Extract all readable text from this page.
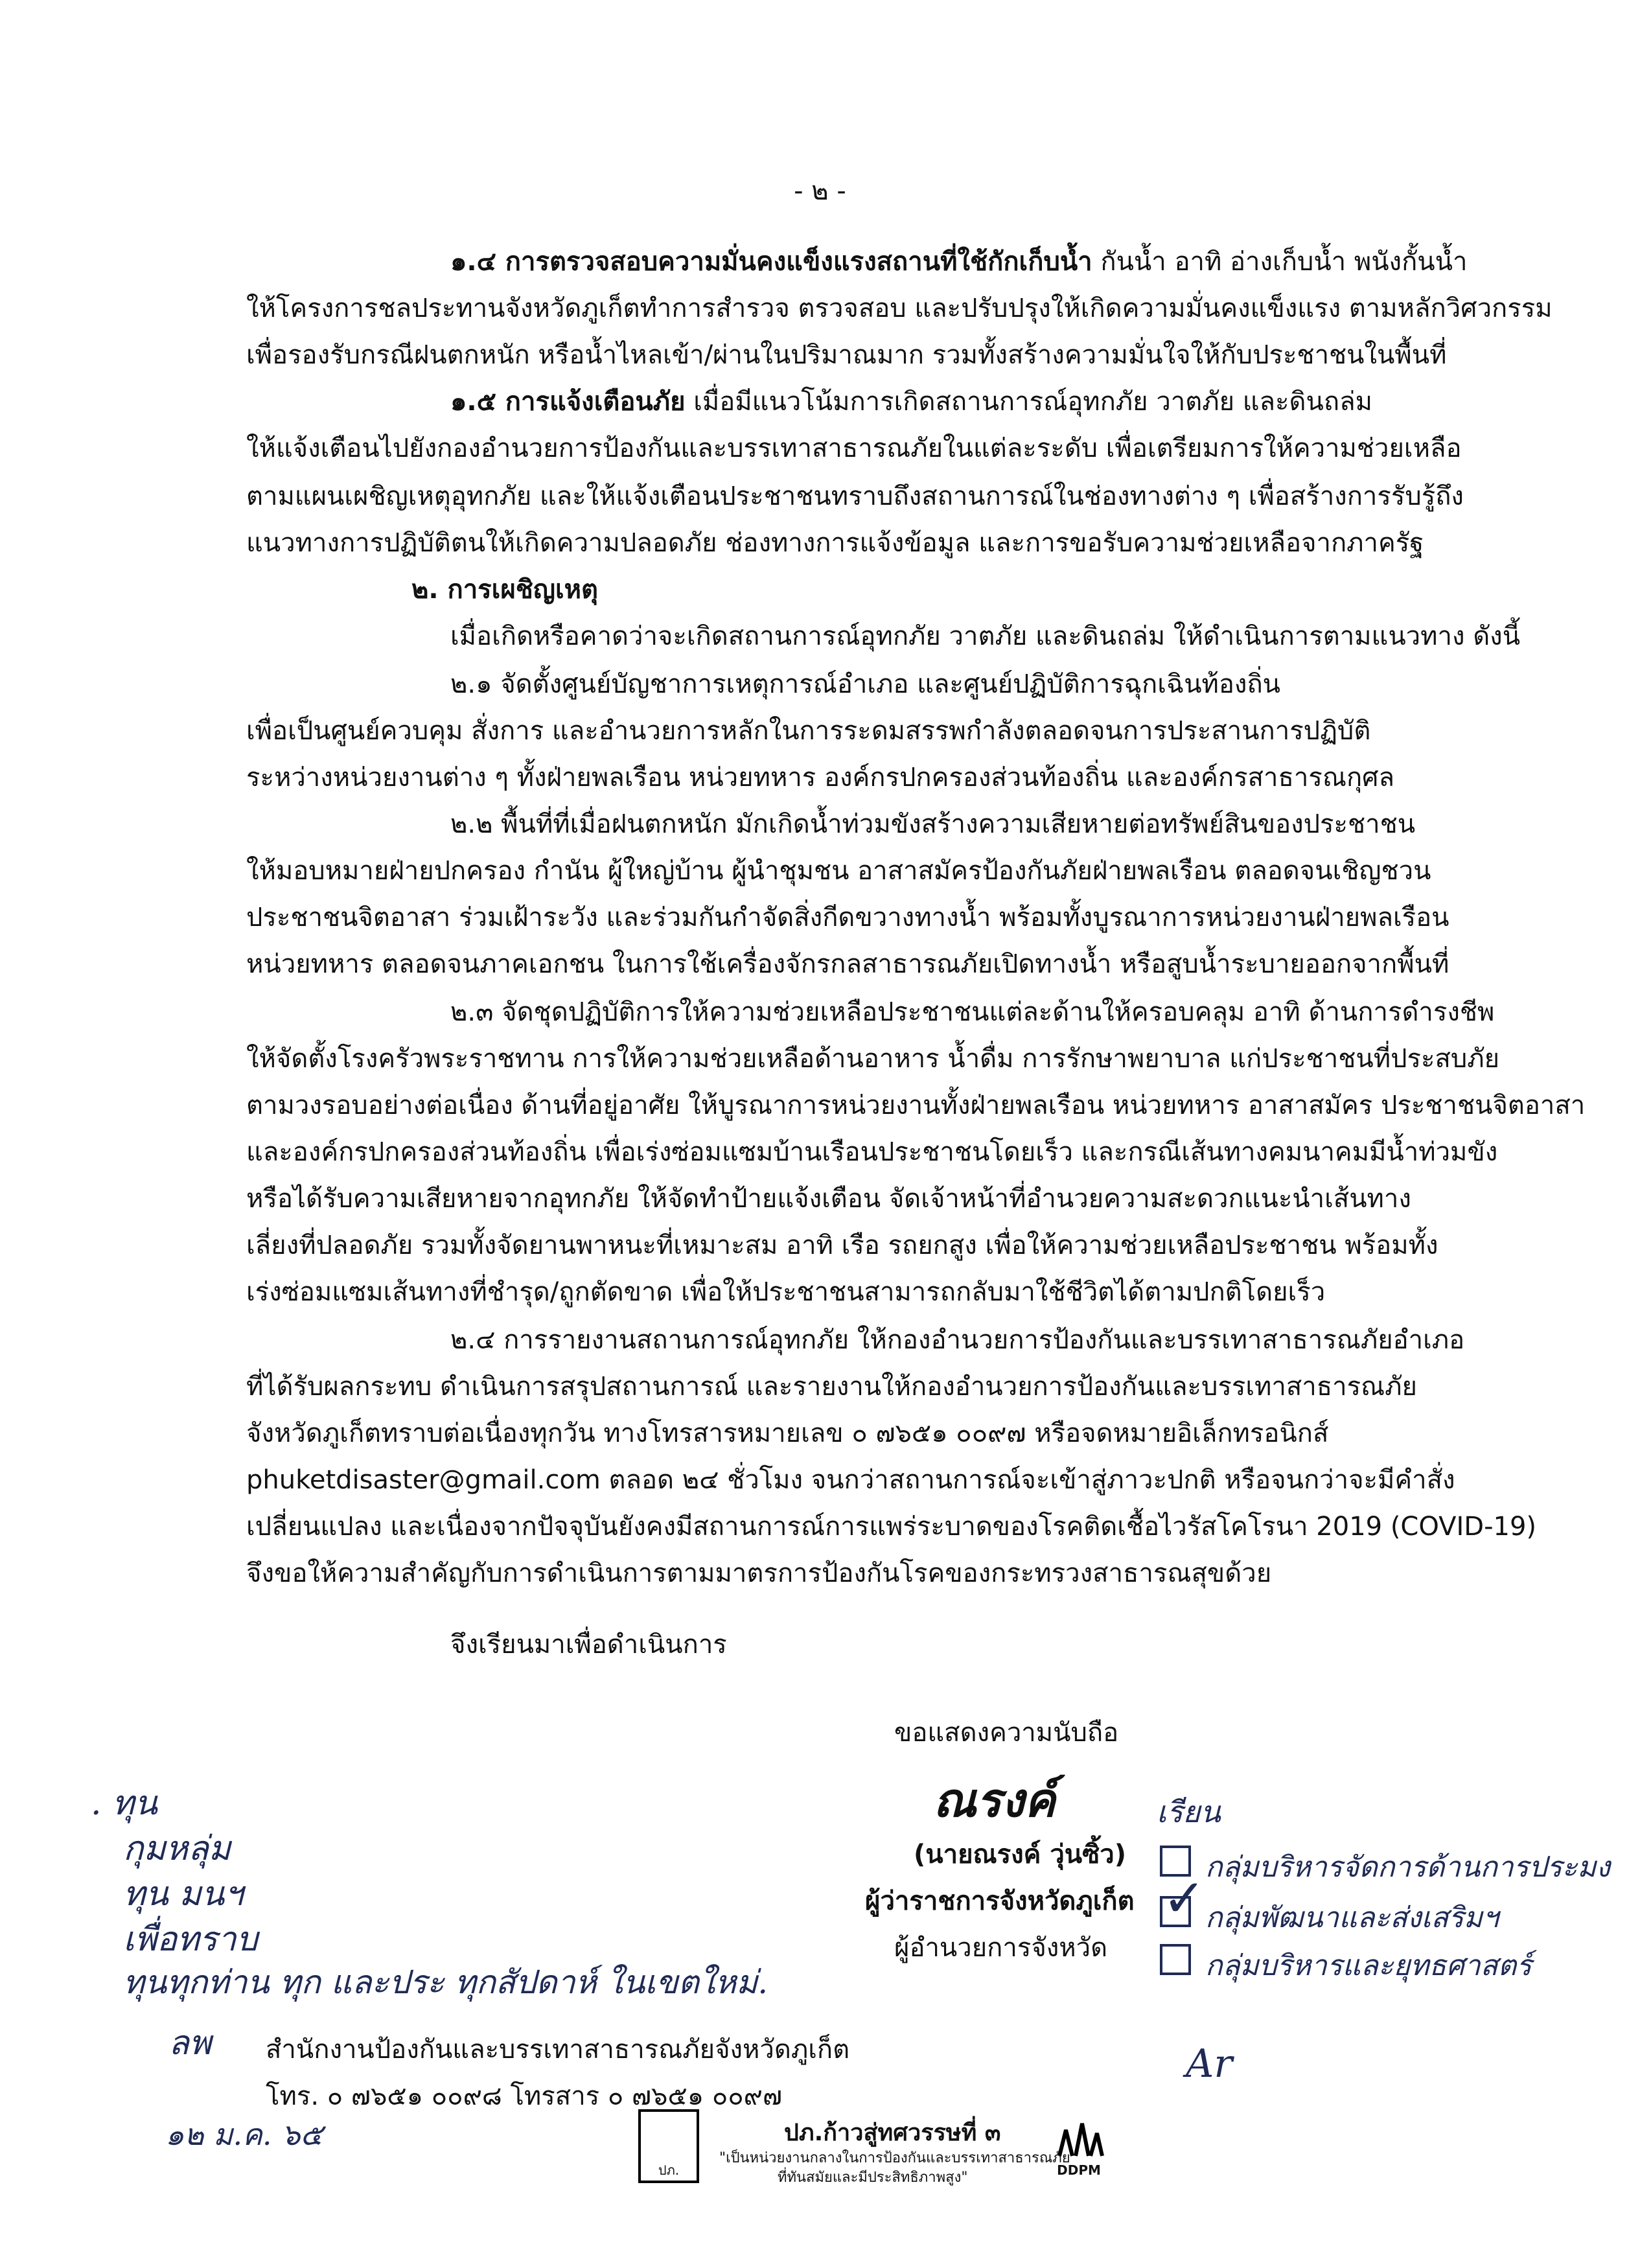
- ๒ -
๑.๔ การตรวจสอบความมั่นคงแข็งแรงสถานที่ใช้กักเก็บน้ำ กันน้ำ อาทิ อ่างเก็บน้ำ พนังกั้นน้ำ
ให้โครงการชลประทานจังหวัดภูเก็ตทำการสำรวจ ตรวจสอบ และปรับปรุงให้เกิดความมั่นคงแข็งแรง ตามหลักวิศวกรรม
เพื่อรองรับกรณีฝนตกหนัก หรือน้ำไหลเข้า/ผ่านในปริมาณมาก รวมทั้งสร้างความมั่นใจให้กับประชาชนในพื้นที่
๑.๕ การแจ้งเตือนภัย เมื่อมีแนวโน้มการเกิดสถานการณ์อุทกภัย วาตภัย และดินถล่ม
ให้แจ้งเตือนไปยังกองอำนวยการป้องกันและบรรเทาสาธารณภัยในแต่ละระดับ เพื่อเตรียมการให้ความช่วยเหลือ
ตามแผนเผชิญเหตุอุทกภัย และให้แจ้งเตือนประชาชนทราบถึงสถานการณ์ในช่องทางต่าง ๆ เพื่อสร้างการรับรู้ถึง
แนวทางการปฏิบัติตนให้เกิดความปลอดภัย ช่องทางการแจ้งข้อมูล และการขอรับความช่วยเหลือจากภาครัฐ
๒. การเผชิญเหตุ
เมื่อเกิดหรือคาดว่าจะเกิดสถานการณ์อุทกภัย วาตภัย และดินถล่ม ให้ดำเนินการตามแนวทาง ดังนี้
๒.๑ จัดตั้งศูนย์บัญชาการเหตุการณ์อำเภอ และศูนย์ปฏิบัติการฉุกเฉินท้องถิ่น
เพื่อเป็นศูนย์ควบคุม สั่งการ และอำนวยการหลักในการระดมสรรพกำลังตลอดจนการประสานการปฏิบัติ
ระหว่างหน่วยงานต่าง ๆ ทั้งฝ่ายพลเรือน หน่วยทหาร องค์กรปกครองส่วนท้องถิ่น และองค์กรสาธารณกุศล
๒.๒ พื้นที่ที่เมื่อฝนตกหนัก มักเกิดน้ำท่วมขังสร้างความเสียหายต่อทรัพย์สินของประชาชน
ให้มอบหมายฝ่ายปกครอง กำนัน ผู้ใหญ่บ้าน ผู้นำชุมชน อาสาสมัครป้องกันภัยฝ่ายพลเรือน ตลอดจนเชิญชวน
ประชาชนจิตอาสา ร่วมเฝ้าระวัง และร่วมกันกำจัดสิ่งกีดขวางทางน้ำ พร้อมทั้งบูรณาการหน่วยงานฝ่ายพลเรือน
หน่วยทหาร ตลอดจนภาคเอกชน ในการใช้เครื่องจักรกลสาธารณภัยเปิดทางน้ำ หรือสูบน้ำระบายออกจากพื้นที่
๒.๓ จัดชุดปฏิบัติการให้ความช่วยเหลือประชาชนแต่ละด้านให้ครอบคลุม อาทิ ด้านการดำรงชีพ
ให้จัดตั้งโรงครัวพระราชทาน การให้ความช่วยเหลือด้านอาหาร น้ำดื่ม การรักษาพยาบาล แก่ประชาชนที่ประสบภัย
ตามวงรอบอย่างต่อเนื่อง ด้านที่อยู่อาศัย ให้บูรณาการหน่วยงานทั้งฝ่ายพลเรือน หน่วยทหาร อาสาสมัคร ประชาชนจิตอาสา
และองค์กรปกครองส่วนท้องถิ่น เพื่อเร่งซ่อมแซมบ้านเรือนประชาชนโดยเร็ว และกรณีเส้นทางคมนาคมมีน้ำท่วมขัง
หรือได้รับความเสียหายจากอุทกภัย ให้จัดทำป้ายแจ้งเตือน จัดเจ้าหน้าที่อำนวยความสะดวกแนะนำเส้นทาง
เลี่ยงที่ปลอดภัย รวมทั้งจัดยานพาหนะที่เหมาะสม อาทิ เรือ รถยกสูง เพื่อให้ความช่วยเหลือประชาชน พร้อมทั้ง
เร่งซ่อมแซมเส้นทางที่ชำรุด/ถูกตัดขาด เพื่อให้ประชาชนสามารถกลับมาใช้ชีวิตได้ตามปกติโดยเร็ว
๒.๔ การรายงานสถานการณ์อุทกภัย ให้กองอำนวยการป้องกันและบรรเทาสาธารณภัยอำเภอ
ที่ได้รับผลกระทบ ดำเนินการสรุปสถานการณ์ และรายงานให้กองอำนวยการป้องกันและบรรเทาสาธารณภัย
จังหวัดภูเก็ตทราบต่อเนื่องทุกวัน ทางโทรสารหมายเลข ๐ ๗๖๕๑ ๐๐๙๗ หรือจดหมายอิเล็กทรอนิกส์
phuketdisaster@gmail.com ตลอด ๒๔ ชั่วโมง จนกว่าสถานการณ์จะเข้าสู่ภาวะปกติ หรือจนกว่าจะมีคำสั่ง
เปลี่ยนแปลง และเนื่องจากปัจจุบันยังคงมีสถานการณ์การแพร่ระบาดของโรคติดเชื้อไวรัสโคโรนา 2019 (COVID-19)
จึงขอให้ความสำคัญกับการดำเนินการตามมาตรการป้องกันโรคของกระทรวงสาธารณสุขด้วย
จึงเรียนมาเพื่อดำเนินการ
ขอแสดงความนับถือ
ณรงค์
(นายณรงค์ วุ่นซิ้ว)
ผู้ว่าราชการจังหวัดภูเก็ต
ผู้อำนวยการจังหวัด
เรียน
กลุ่มบริหารจัดการด้านการประมง
✓
กลุ่มพัฒนาและส่งเสริมฯ
กลุ่มบริหารและยุทธศาสตร์
Ar
. ทุน
กุมหลุ่ม
ทุน มนฯ
เพื่อทราบ
ทุนทุกท่าน ทุก และประ ทุกสัปดาห์ ในเขตใหม่.
ลพ
๑๒ ม.ค. ๖๕
สำนักงานป้องกันและบรรเทาสาธารณภัยจังหวัดภูเก็ต
โทร. ๐ ๗๖๕๑ ๐๐๙๘ โทรสาร ๐ ๗๖๕๑ ๐๐๙๗
ปภ.
ปภ.ก้าวสู่ทศวรรษที่ ๓
"เป็นหน่วยงานกลางในการป้องกันและบรรเทาสาธารณภัย
ที่ทันสมัยและมีประสิทธิภาพสูง"	DDPM
